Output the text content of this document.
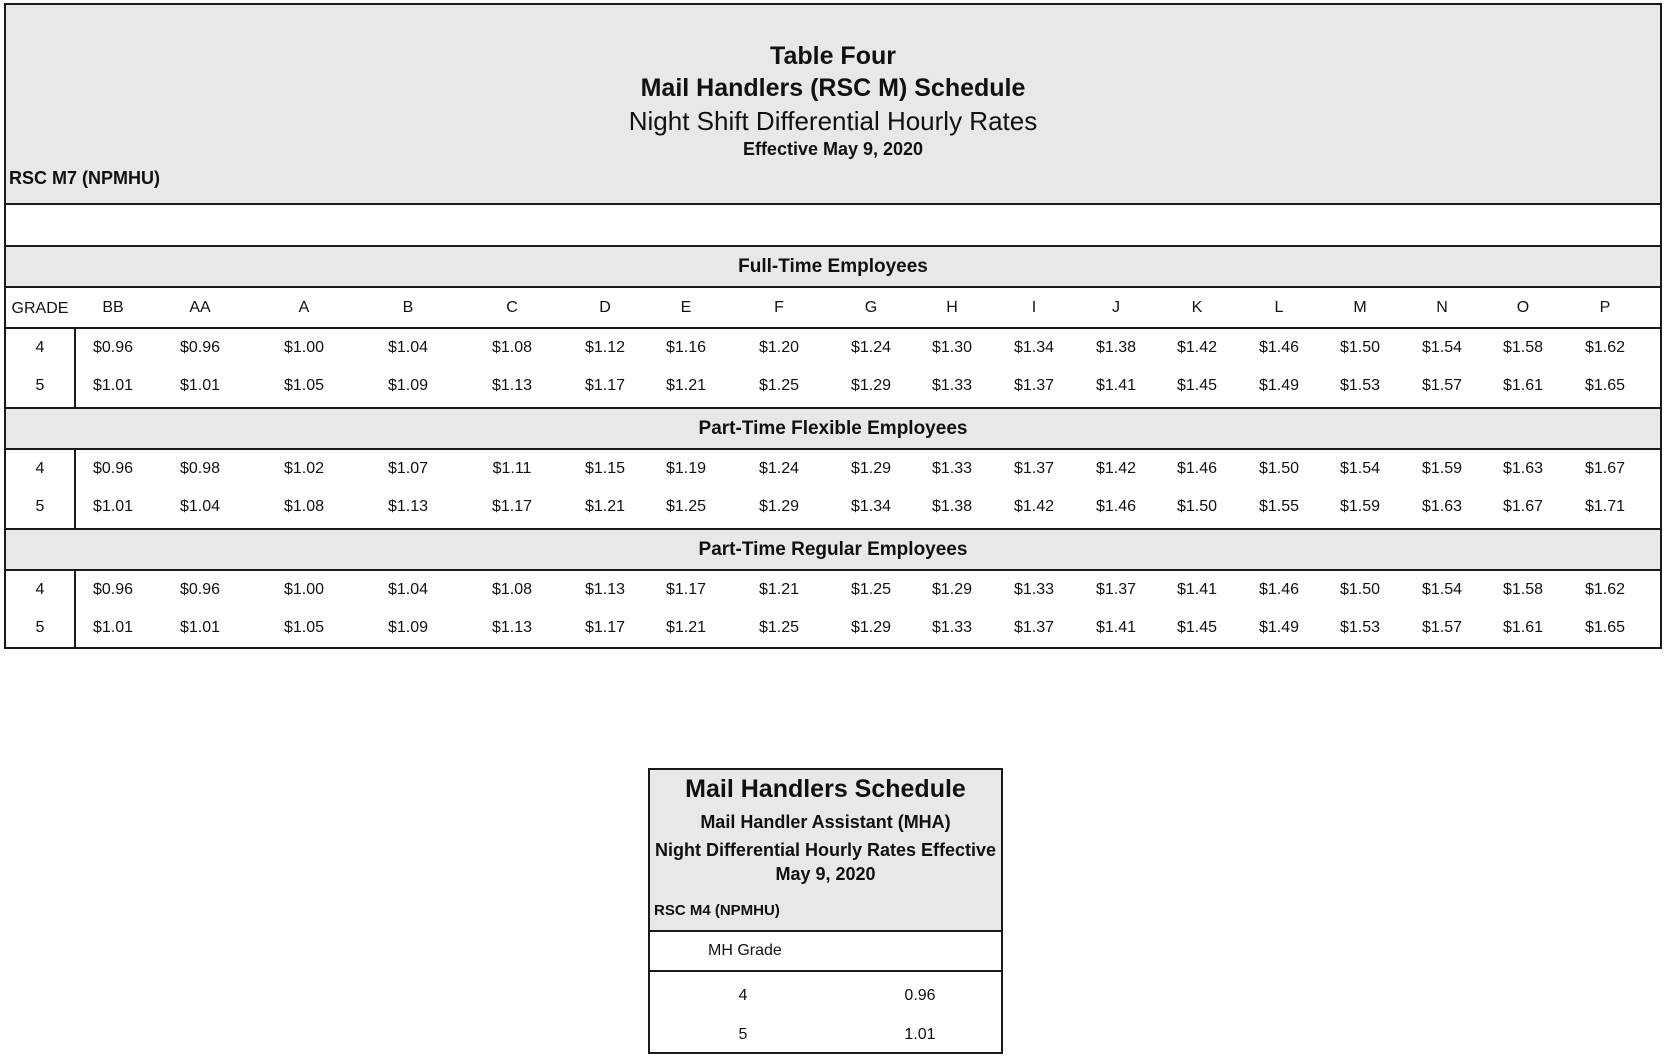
Table Four
Mail Handlers (RSC M) Schedule
Night Shift Differential Hourly Rates
Effective May 9, 2020
RSC M7 (NPMHU)
Full-Time Employees
GRADE BB	AA	A	B	C	D	E	F	G	H	I	J	K	L	M	N	O	P
4	$0.96	$0.96	$1.00	$1.04	$1.08	$1.12	$1.16	$1.20	$1.24	$1.30	$1.34	$1.38	$1.42	$1.46	$1.50	$1.54	$1.58	$1.62
5	$1.01	$1.01	$1.05	$1.09	$1.13	$1.17	$1.21	$1.25	$1.29	$1.33	$1.37	$1.41	$1.45	$1.49	$1.53	$1.57	$1.61	$1.65
Part-Time Flexible Employees
4	$0.96	$0.98	$1.02	$1.07	$1.11	$1.15	$1.19	$1.24	$1.29	$1.33	$1.37	$1.42	$1.46	$1.50	$1.54	$1.59	$1.63	$1.67
5	$1.01	$1.04	$1.08	$1.13	$1.17	$1.21	$1.25	$1.29	$1.34	$1.38	$1.42	$1.46	$1.50	$1.55	$1.59	$1.63	$1.67	$1.71
Part-Time Regular Employees
4	$0.96	$0.96	$1.00	$1.04	$1.08	$1.13	$1.17	$1.21	$1.25	$1.29	$1.33	$1.37	$1.41	$1.46	$1.50	$1.54	$1.58	$1.62
5	$1.01	$1.01	$1.05	$1.09	$1.13	$1.17	$1.21	$1.25	$1.29	$1.33	$1.37	$1.41	$1.45	$1.49	$1.53	$1.57	$1.61	$1.65
Mail Handlers Schedule
Mail Handler Assistant (MHA)
Night Differential Hourly Rates Effective
May 9, 2020
RSC M4 (NPMHU)
MH Grade
4	0.96
5	1.01
